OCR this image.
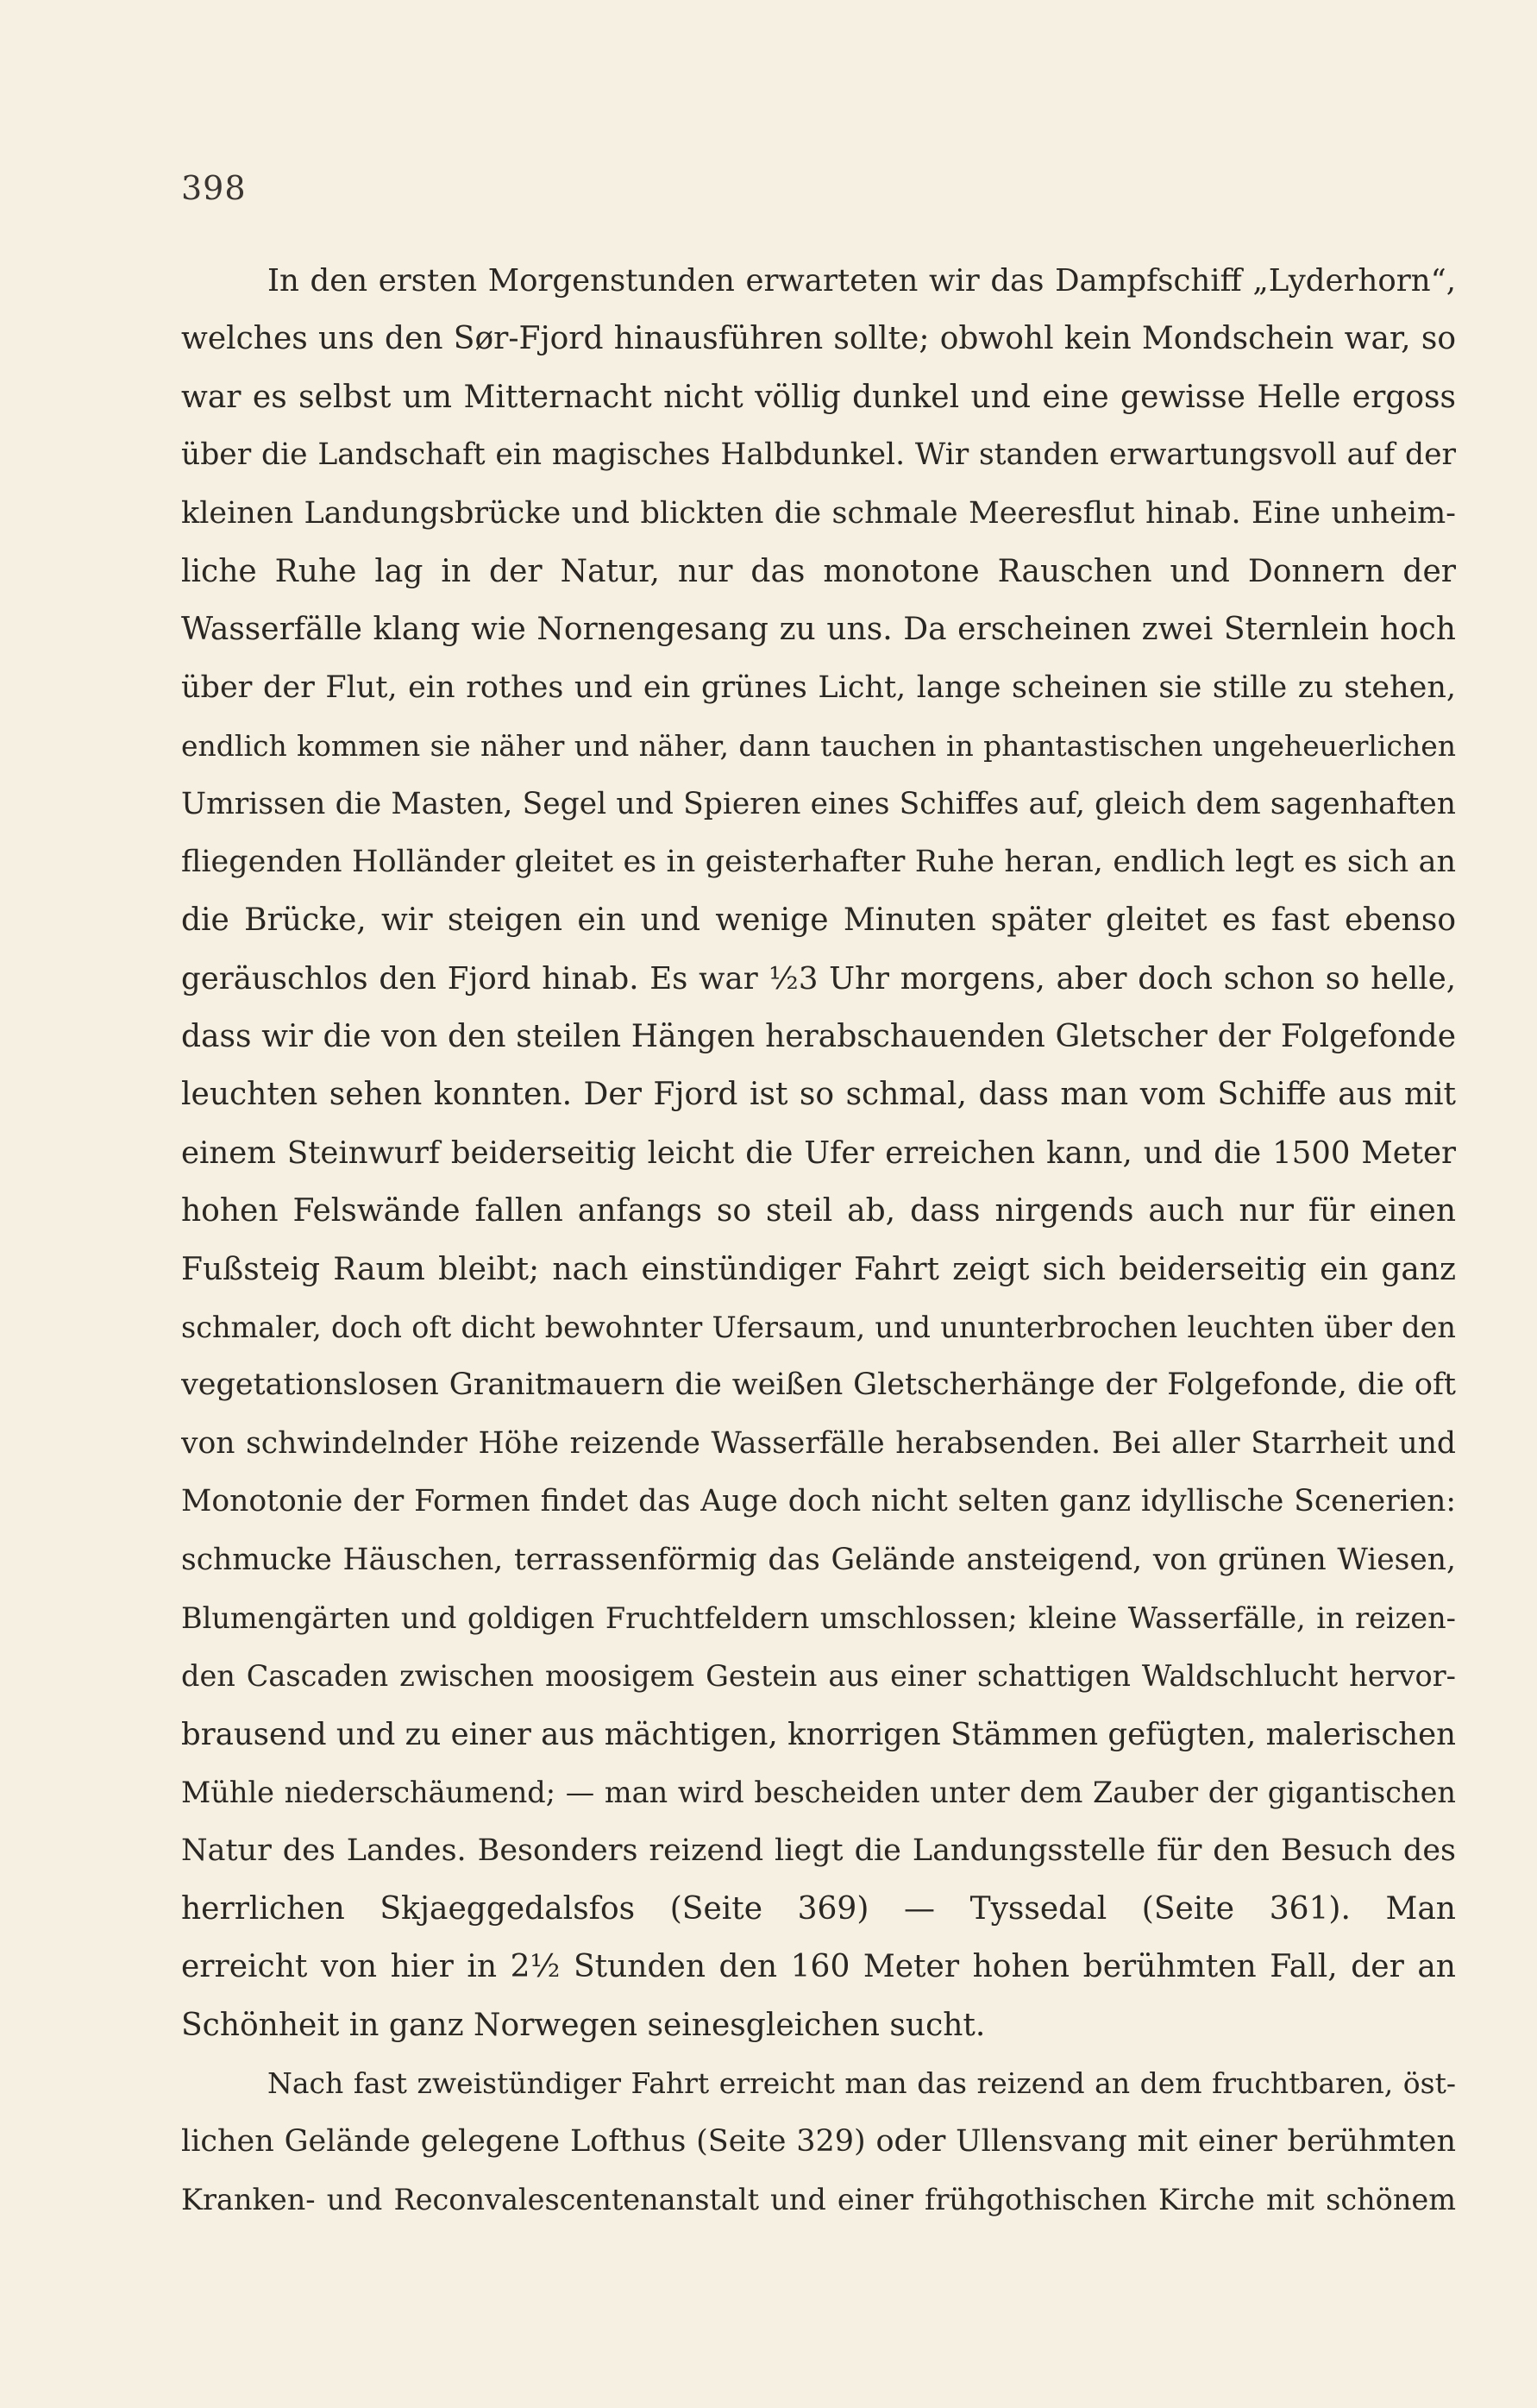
398
In den ersten Morgenstunden erwarteten wir das Dampfschiff „Lyderhorn“,
welches uns den Sør-Fjord hinausführen sollte; obwohl kein Mondschein war, so
war es selbst um Mitternacht nicht völlig dunkel und eine gewisse Helle ergoss
über die Landschaft ein magisches Halbdunkel. Wir standen erwartungsvoll auf der
kleinen Landungsbrücke und blickten die schmale Meeresflut hinab. Eine unheim-
liche Ruhe lag in der Natur, nur das monotone Rauschen und Donnern der
Wasserfälle klang wie Nornengesang zu uns. Da erscheinen zwei Sternlein hoch
über der Flut, ein rothes und ein grünes Licht, lange scheinen sie stille zu stehen,
endlich kommen sie näher und näher, dann tauchen in phantastischen ungeheuerlichen
Umrissen die Masten, Segel und Spieren eines Schiffes auf, gleich dem sagenhaften
fliegenden Holländer gleitet es in geisterhafter Ruhe heran, endlich legt es sich an
die Brücke, wir steigen ein und wenige Minuten später gleitet es fast ebenso
geräuschlos den Fjord hinab. Es war ½3 Uhr morgens, aber doch schon so helle,
dass wir die von den steilen Hängen herabschauenden Gletscher der Folgefonde
leuchten sehen konnten. Der Fjord ist so schmal, dass man vom Schiffe aus mit
einem Steinwurf beiderseitig leicht die Ufer erreichen kann, und die 1500 Meter
hohen Felswände fallen anfangs so steil ab, dass nirgends auch nur für einen
Fußsteig Raum bleibt; nach einstündiger Fahrt zeigt sich beiderseitig ein ganz
schmaler, doch oft dicht bewohnter Ufersaum, und ununterbrochen leuchten über den
vegetationslosen Granitmauern die weißen Gletscherhänge der Folgefonde, die oft
von schwindelnder Höhe reizende Wasserfälle herabsenden. Bei aller Starrheit und
Monotonie der Formen findet das Auge doch nicht selten ganz idyllische Scenerien:
schmucke Häuschen, terrassenförmig das Gelände ansteigend, von grünen Wiesen,
Blumengärten und goldigen Fruchtfeldern umschlossen; kleine Wasserfälle, in reizen-
den Cascaden zwischen moosigem Gestein aus einer schattigen Waldschlucht hervor-
brausend und zu einer aus mächtigen, knorrigen Stämmen gefügten, malerischen
Mühle niederschäumend; — man wird bescheiden unter dem Zauber der gigantischen
Natur des Landes. Besonders reizend liegt die Landungsstelle für den Besuch des
herrlichen Skjaeggedalsfos (Seite 369) — Tyssedal (Seite 361). Man
erreicht von hier in 2½ Stunden den 160 Meter hohen berühmten Fall, der an
Schönheit in ganz Norwegen seinesgleichen sucht.
Nach fast zweistündiger Fahrt erreicht man das reizend an dem fruchtbaren, öst-
lichen Gelände gelegene Lofthus (Seite 329) oder Ullensvang mit einer berühmten
Kranken- und Reconvalescentenanstalt und einer frühgothischen Kirche mit schönem
